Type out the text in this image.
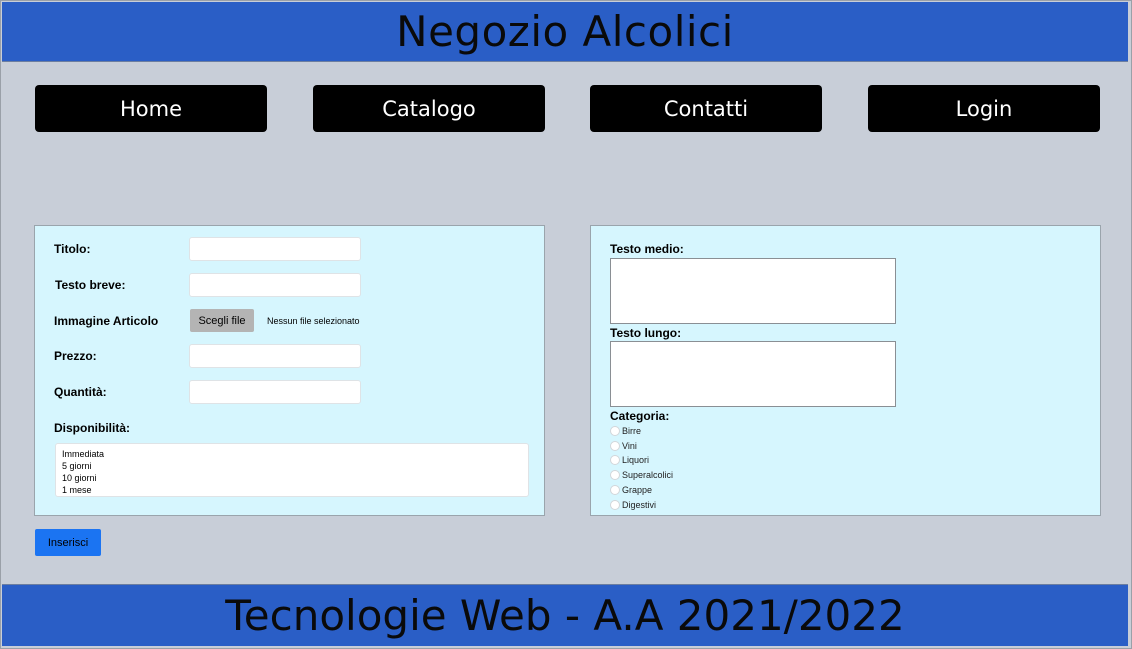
Negozio Alcolici
Home	Catalogo	Contatti	Login
Titolo:
Testo breve:
Immagine Articolo	Scegli file	Nessun file selezionato
Prezzo:
Quantità:
Disponibilità:
Immediata
5 giorni
10 giorni
1 mese
Testo medio:
Testo lungo:
Categoria:
Birre
Vini
Liquori
Superalcolici
Grappe
Digestivi
Inserisci
Tecnologie Web - A.A 2021/2022
